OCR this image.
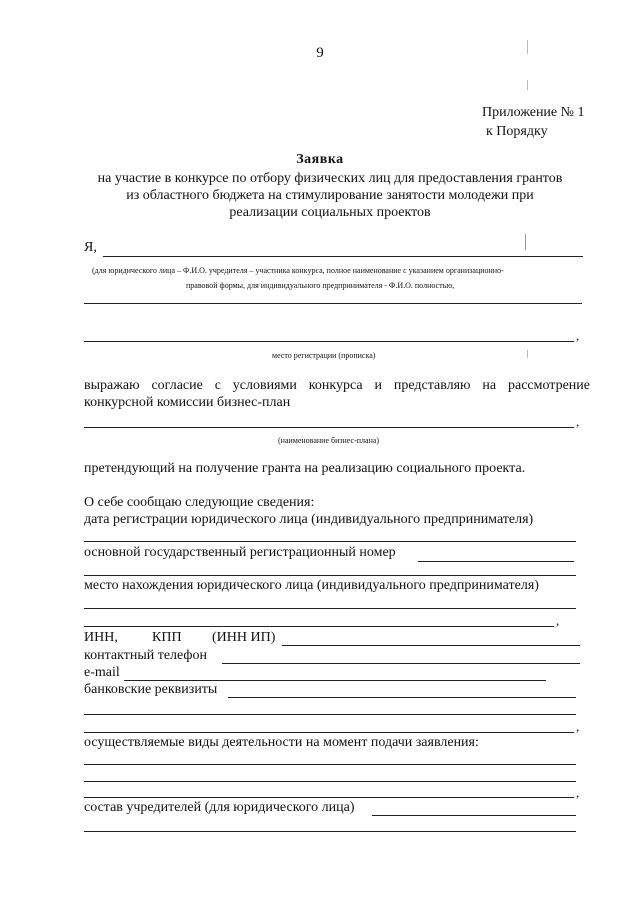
9
Приложение № 1
к Порядку
Заявка
на участие в конкурсе по отбору физических лиц для предоставления грантов
из областного бюджета на стимулирование занятости молодежи при
реализации социальных проектов
Я,
(для юридического лица – Ф.И.О. учредителя – участника конкурса, полное наименование с указанием организационно-
правовой формы, для индивидуального предпринимателя - Ф.И.О. полностью,
,
место регистрации (прописка)
выражаю согласие с условиями конкурса и представляю на рассмотрение конкурсной комиссии бизнес-план
,
(наименование бизнес-плана)
претендующий на получение гранта на реализацию социального проекта.
О себе сообщаю следующие сведения:
дата регистрации юридического лица (индивидуального предпринимателя)
основной государственный регистрационный номер
место нахождения юридического лица (индивидуального предпринимателя)
,
ИНН, КПП (ИНН ИП)
контактный телефон
e-mail
банковские реквизиты
,
осуществляемые виды деятельности на момент подачи заявления:
,
состав учредителей (для юридического лица)
